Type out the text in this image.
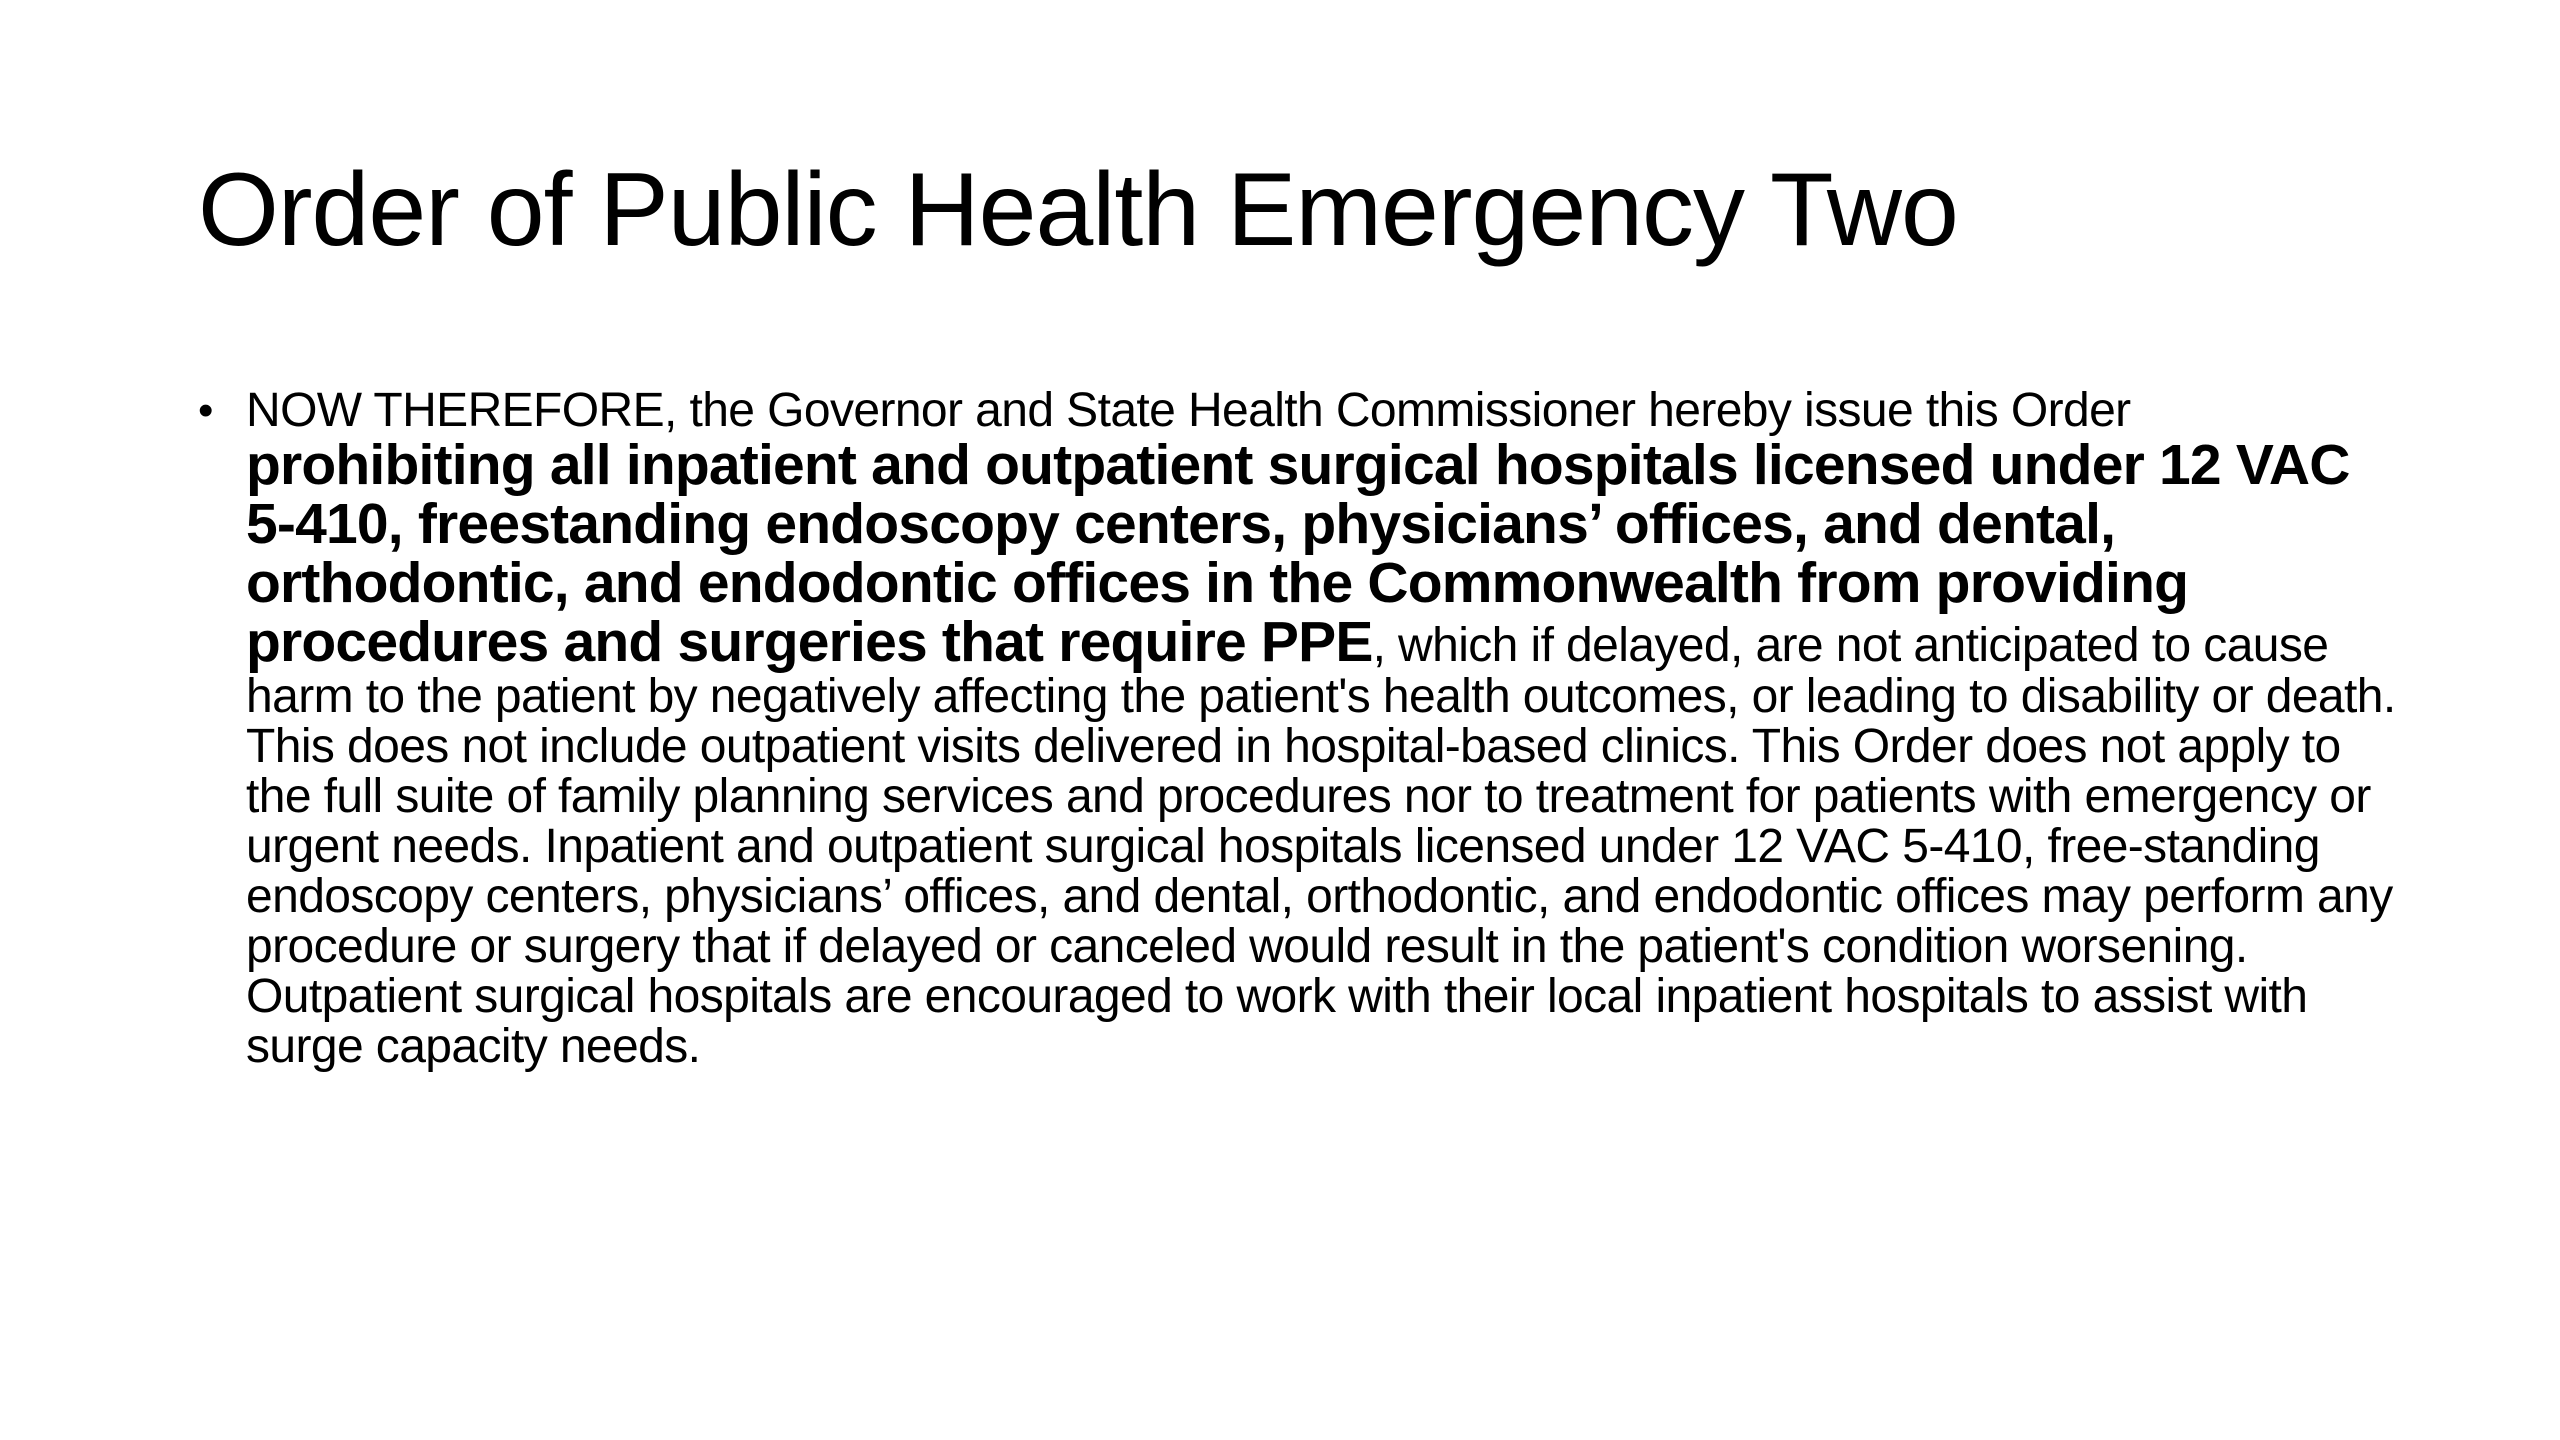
Order of Public Health Emergency Two
• NOW THEREFORE, the Governor and State Health Commissioner hereby issue this Order prohibiting all inpatient and outpatient surgical hospitals licensed under 12 VAC 5-410, freestanding endoscopy centers, physicians’ offices, and dental, orthodontic, and endodontic offices in the Commonwealth from providing procedures and surgeries that require PPE, which if delayed, are not anticipated to cause harm to the patient by negatively affecting the patient's health outcomes, or leading to disability or death. This does not include outpatient visits delivered in hospital-based clinics. This Order does not apply to the full suite of family planning services and procedures nor to treatment for patients with emergency or urgent needs. Inpatient and outpatient surgical hospitals licensed under 12 VAC 5-410, free-standing endoscopy centers, physicians’ offices, and dental, orthodontic, and endodontic offices may perform any procedure or surgery that if delayed or canceled would result in the patient's condition worsening. Outpatient surgical hospitals are encouraged to work with their local inpatient hospitals to assist with surge capacity needs.
